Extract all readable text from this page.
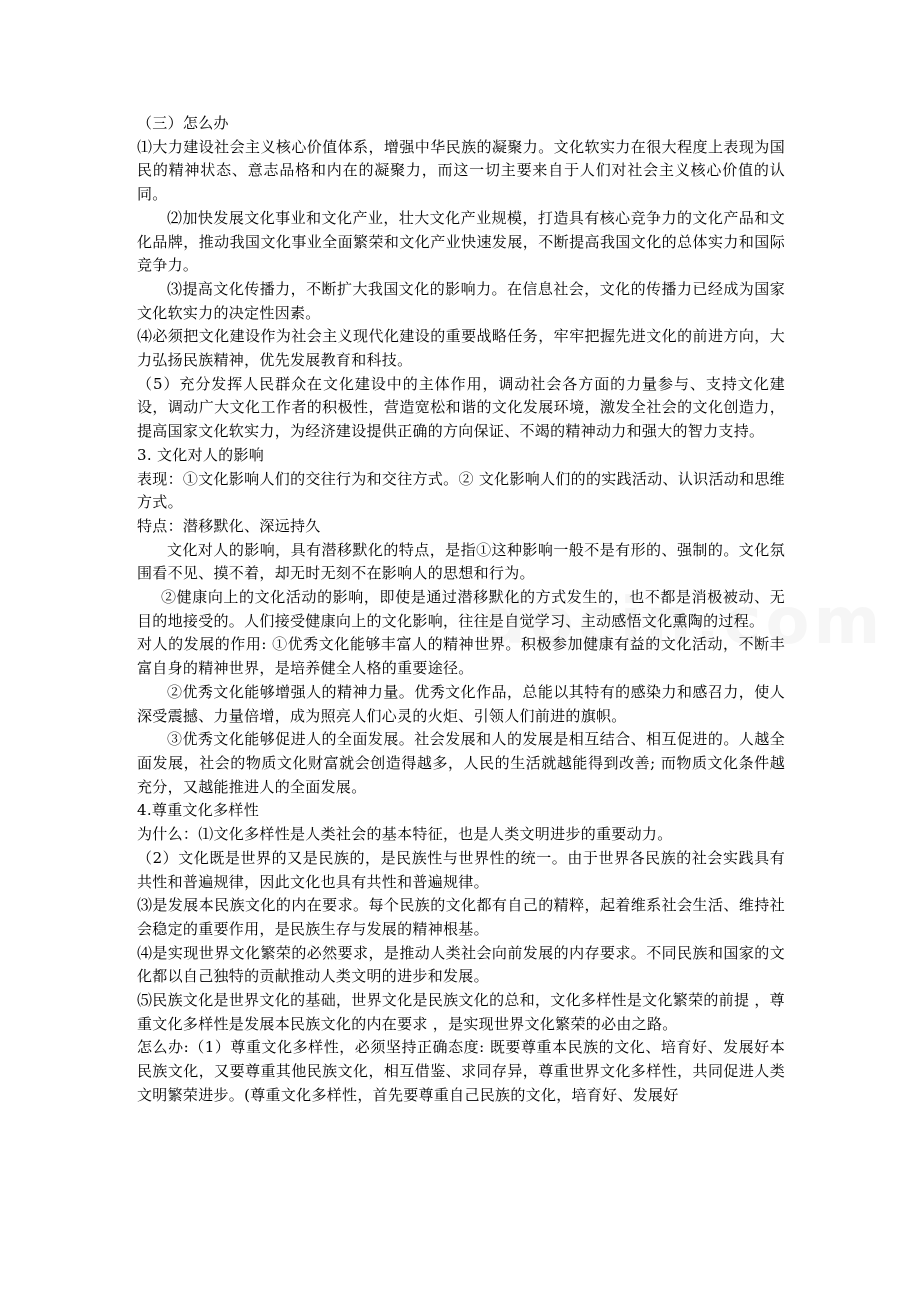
（三）怎么办

⑴大力建设社会主义核心价值体系，增强中华民族的凝聚力。文化软实力在很大程度上表现为国民的精神状态、意志品格和内在的凝聚力，而这一切主要来自于人们对社会主义核心价值的认同。

⑵加快发展文化事业和文化产业，壮大文化产业规模，打造具有核心竞争力的文化产品和文化品牌，推动我国文化事业全面繁荣和文化产业快速发展，不断提高我国文化的总体实力和国际竞争力。

⑶提高文化传播力，不断扩大我国文化的影响力。在信息社会，文化的传播力已经成为国家文化软实力的决定性因素。

⑷必须把文化建设作为社会主义现代化建设的重要战略任务，牢牢把握先进文化的前进方向，大力弘扬民族精神，优先发展教育和科技。

（5）充分发挥人民群众在文化建设中的主体作用，调动社会各方面的力量参与、支持文化建设，调动广大文化工作者的积极性，营造宽松和谐的文化发展环境，激发全社会的文化创造力，提高国家文化软实力，为经济建设提供正确的方向保证、不竭的精神动力和强大的智力支持。

3. 文化对人的影响

表现：①文化影响人们的交往行为和交往方式。② 文化影响人们的的实践活动、认识活动和思维方式。

特点：潜移默化、深远持久

文化对人的影响，具有潜移默化的特点，是指①这种影响一般不是有形的、强制的。文化氛围看不见、摸不着，却无时无刻不在影响人的思想和行为。

②健康向上的文化活动的影响，即使是通过潜移默化的方式发生的，也不都是消极被动、无目的地接受的。人们接受健康向上的文化影响，往往是自觉学习、主动感悟文化熏陶的过程。

对人的发展的作用: ①优秀文化能够丰富人的精神世界。积极参加健康有益的文化活动，不断丰富自身的精神世界，是培养健全人格的重要途径。

②优秀文化能够增强人的精神力量。优秀文化作品，总能以其特有的感染力和感召力，使人深受震撼、力量倍增，成为照亮人们心灵的火炬、引领人们前进的旗帜。

③优秀文化能够促进人的全面发展。社会发展和人的发展是相互结合、相互促进的。人越全面发展，社会的物质文化财富就会创造得越多，人民的生活就越能得到改善; 而物质文化条件越充分，又越能推进人的全面发展。

4.尊重文化多样性

为什么：⑴文化多样性是人类社会的基本特征，也是人类文明进步的重要动力。

（2）文化既是世界的又是民族的，是民族性与世界性的统一。由于世界各民族的社会实践具有共性和普遍规律，因此文化也具有共性和普遍规律。

⑶是发展本民族文化的内在要求。每个民族的文化都有自己的精粹，起着维系社会生活、维持社会稳定的重要作用，是民族生存与发展的精神根基。

⑷是实现世界文化繁荣的必然要求，是推动人类社会向前发展的内存要求。不同民族和国家的文化都以自己独特的贡献推动人类文明的进步和发展。

⑸民族文化是世界文化的基础，世界文化是民族文化的总和，文化多样性是文化繁荣的前提 ，尊重文化多样性是发展本民族文化的内在要求 ，是实现世界文化繁荣的必由之路。

怎么办:（1）尊重文化多样性，必须坚持正确态度: 既要尊重本民族的文化、培育好、发展好本民族文化，又要尊重其他民族文化，相互借鉴、求同存异，尊重世界文化多样性，共同促进人类文明繁荣进步。(尊重文化多样性，首先要尊重自己民族的文化，培育好、发展好
